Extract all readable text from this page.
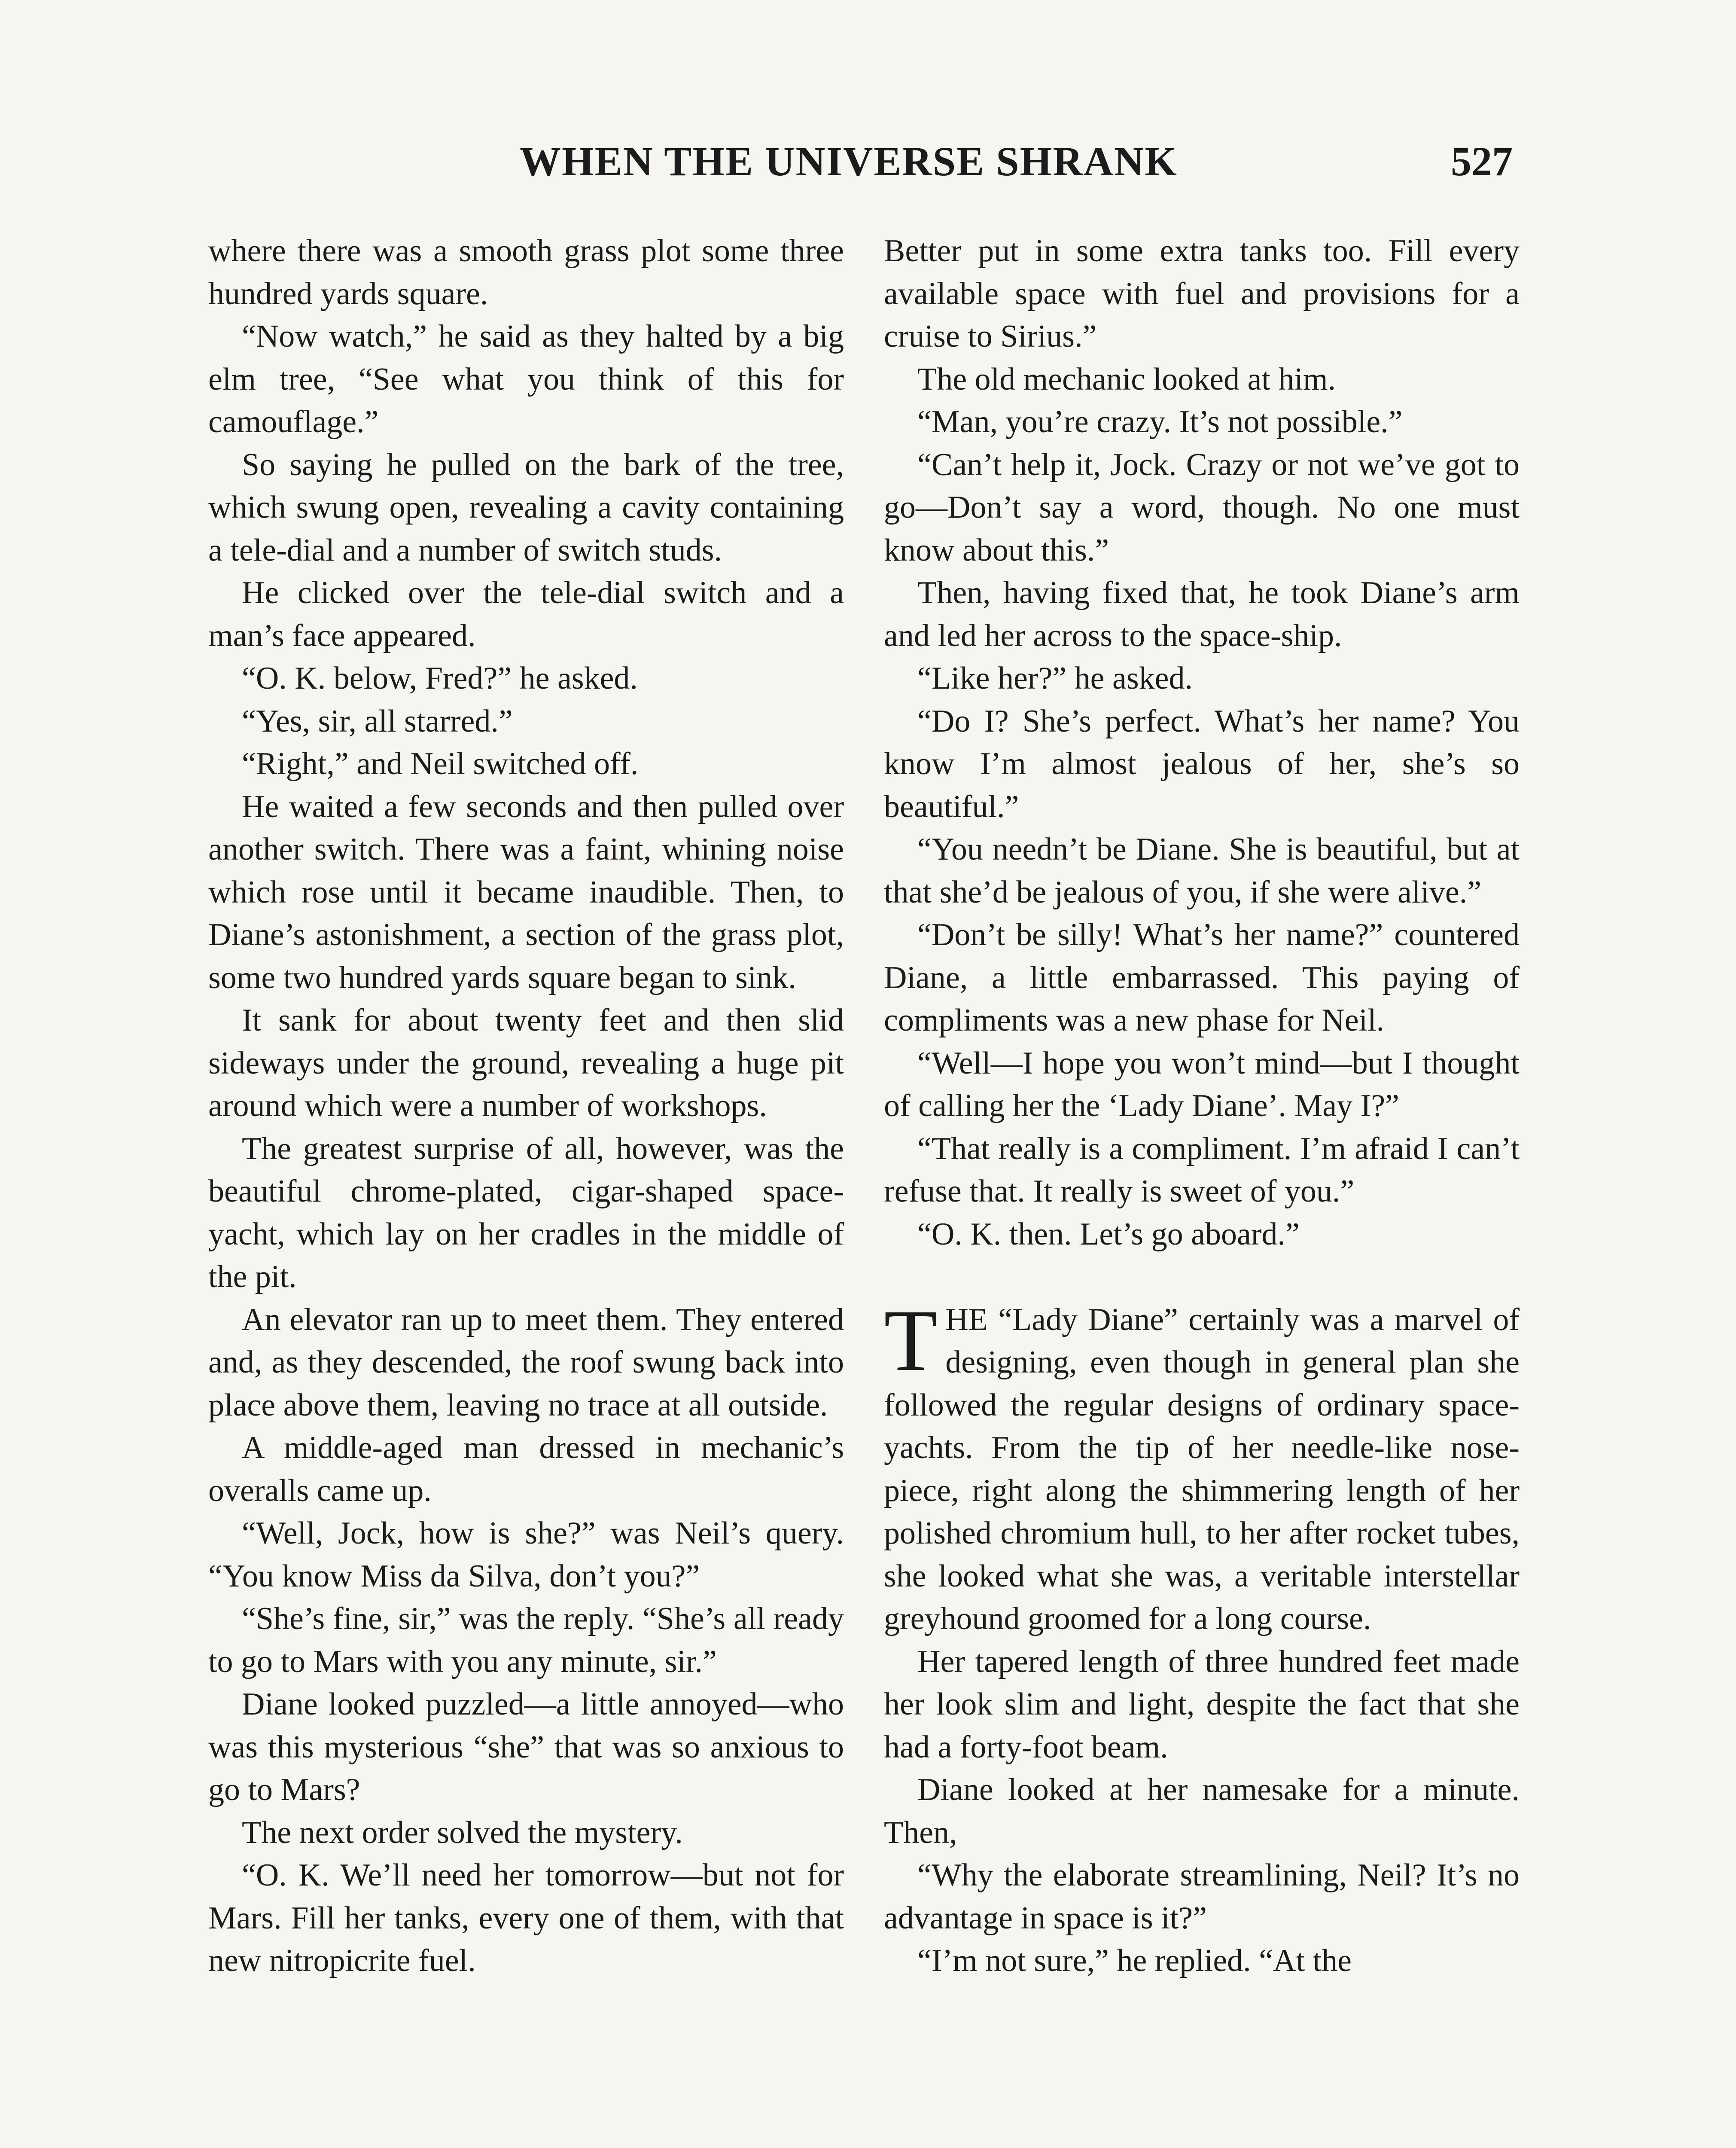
WHEN THE UNIVERSE SHRANK	527

where there was a smooth grass plot some three hundred yards square.

“Now watch,” he said as they halted by a big elm tree, “See what you think of this for camouflage.”

So saying he pulled on the bark of the tree, which swung open, revealing a cavity containing a tele-dial and a number of switch studs.

He clicked over the tele-dial switch and a man’s face appeared.

“O. K. below, Fred?” he asked.

“Yes, sir, all starred.”

“Right,” and Neil switched off.

He waited a few seconds and then pulled over another switch. There was a faint, whining noise which rose until it became inaudible. Then, to Diane’s astonishment, a section of the grass plot, some two hundred yards square began to sink.

It sank for about twenty feet and then slid sideways under the ground, revealing a huge pit around which were a number of workshops.

The greatest surprise of all, however, was the beautiful chrome-plated, cigar-shaped space-yacht, which lay on her cradles in the middle of the pit.

An elevator ran up to meet them. They entered and, as they descended, the roof swung back into place above them, leaving no trace at all outside.

A middle-aged man dressed in mechanic’s overalls came up.

“Well, Jock, how is she?” was Neil’s query. “You know Miss da Silva, don’t you?”

“She’s fine, sir,” was the reply. “She’s all ready to go to Mars with you any minute, sir.”

Diane looked puzzled—a little annoyed—who was this mysterious “she” that was so anxious to go to Mars?

The next order solved the mystery.

“O. K. We’ll need her tomorrow—but not for Mars. Fill her tanks, every one of them, with that new nitropicrite fuel.

Better put in some extra tanks too. Fill every available space with fuel and provisions for a cruise to Sirius.”

The old mechanic looked at him.

“Man, you’re crazy. It’s not possible.”

“Can’t help it, Jock. Crazy or not we’ve got to go—Don’t say a word, though. No one must know about this.”

Then, having fixed that, he took Diane’s arm and led her across to the space-ship.

“Like her?” he asked.

“Do I? She’s perfect. What’s her name? You know I’m almost jealous of her, she’s so beautiful.”

“You needn’t be Diane. She is beautiful, but at that she’d be jealous of you, if she were alive.”

“Don’t be silly! What’s her name?” countered Diane, a little embarrassed. This paying of compliments was a new phase for Neil.

“Well—I hope you won’t mind—but I thought of calling her the ‘Lady Diane’. May I?”

“That really is a compliment. I’m afraid I can’t refuse that. It really is sweet of you.”

“O. K. then. Let’s go aboard.”

THE “Lady Diane” certainly was a marvel of designing, even though in general plan she followed the regular designs of ordinary space-yachts. From the tip of her needle-like nose-piece, right along the shimmering length of her polished chromium hull, to her after rocket tubes, she looked what she was, a veritable interstellar greyhound groomed for a long course.

Her tapered length of three hundred feet made her look slim and light, despite the fact that she had a forty-foot beam.

Diane looked at her namesake for a minute. Then,

“Why the elaborate streamlining, Neil? It’s no advantage in space is it?”

“I’m not sure,” he replied. “At the
